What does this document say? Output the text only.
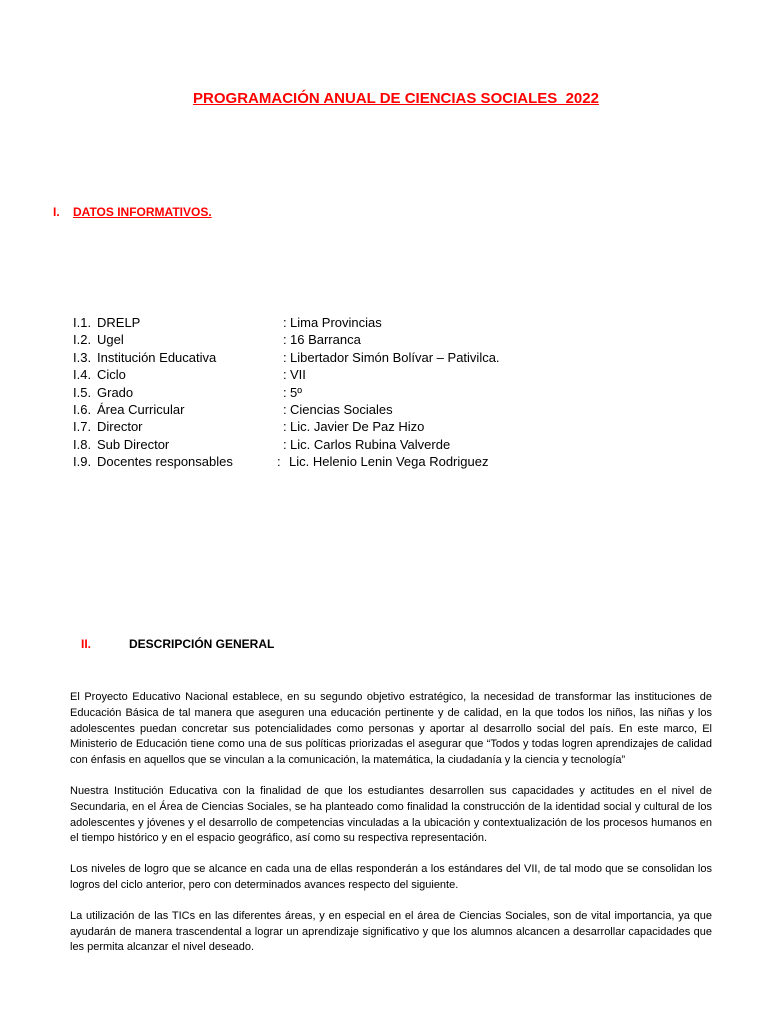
PROGRAMACIÓN ANUAL DE CIENCIAS SOCIALES  2022
I. DATOS INFORMATIVOS.
I.1. DRELP	: Lima Provincias
I.2. Ugel	: 16 Barranca
I.3. Institución Educativa	: Libertador Simón Bolívar – Pativilca.
I.4. Ciclo	: VII
I.5. Grado	: 5º
I.6. Área Curricular	: Ciencias Sociales
I.7. Director	: Lic. Javier De Paz Hizo
I.8. Sub Director	: Lic. Carlos Rubina Valverde
I.9. Docentes responsables	: Lic. Helenio Lenin Vega Rodriguez
II.	DESCRIPCIÓN GENERAL

El Proyecto Educativo Nacional establece, en su segundo objetivo estratégico, la necesidad de transformar las instituciones de Educación Básica de tal manera que aseguren una educación pertinente y de calidad, en la que todos los niños, las niñas y los adolescentes puedan concretar sus potencialidades como personas y aportar al desarrollo social del país. En este marco, El Ministerio de Educación tiene como una de sus políticas priorizadas el asegurar que “Todos y todas logren aprendizajes de calidad con énfasis en aquellos que se vinculan a la comunicación, la matemática, la ciudadanía y la ciencia y tecnología”

Nuestra Institución Educativa con la finalidad de que los estudiantes desarrollen sus capacidades y actitudes en el nivel de Secundaria, en el Área de Ciencias Sociales, se ha planteado como finalidad la construcción de la identidad social y cultural de los adolescentes y jóvenes y el desarrollo de competencias vinculadas a la ubicación y contextualización de los procesos humanos en el tiempo histórico y en el espacio geográfico, así como su respectiva representación.

Los niveles de logro que se alcance en cada una de ellas responderán a los estándares del VII, de tal modo que se consolidan los logros del ciclo anterior, pero con determinados avances respecto del siguiente.

La utilización de las TICs en las diferentes áreas, y en especial en el área de Ciencias Sociales, son de vital importancia, ya que ayudarán de manera trascendental a lograr un aprendizaje significativo y que los alumnos alcancen a desarrollar capacidades que les permita alcanzar el nivel deseado.
